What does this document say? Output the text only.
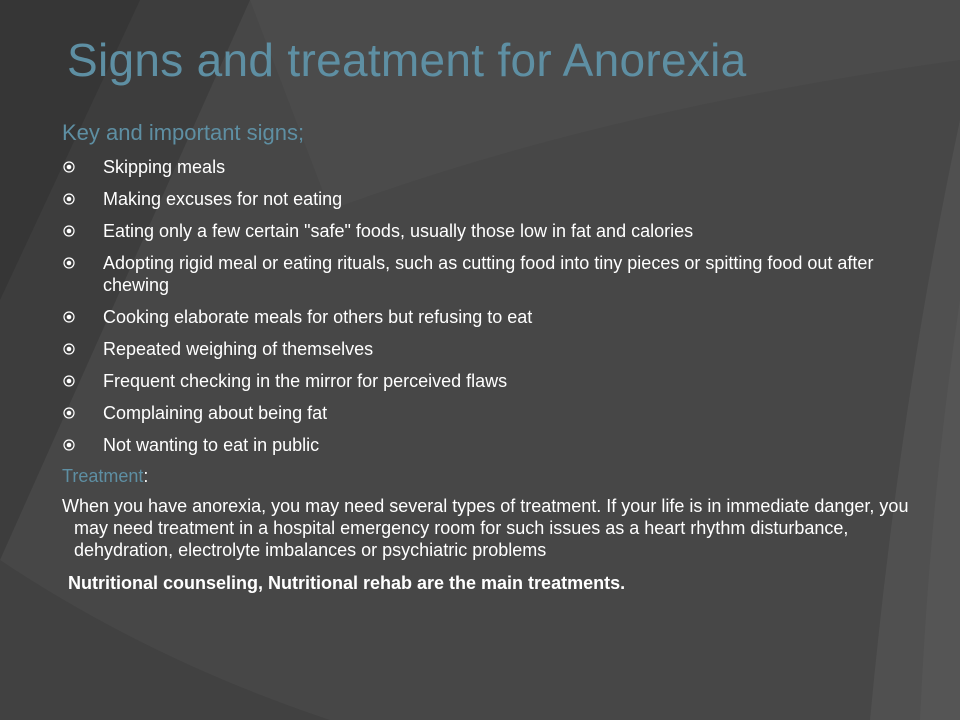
Signs and treatment for Anorexia
Key and important signs;
Skipping meals
Making excuses for not eating
Eating only a few certain "safe" foods, usually those low in fat and calories
Adopting rigid meal or eating rituals, such as cutting food into tiny pieces or spitting food out after chewing
Cooking elaborate meals for others but refusing to eat
Repeated weighing of themselves
Frequent checking in the mirror for perceived flaws
Complaining about being fat
Not wanting to eat in public
Treatment:
When you have anorexia, you may need several types of treatment. If your life is in immediate danger, you may need treatment in a hospital emergency room for such issues as a heart rhythm disturbance, dehydration, electrolyte imbalances or psychiatric problems
Nutritional counseling, Nutritional rehab are the main treatments.
